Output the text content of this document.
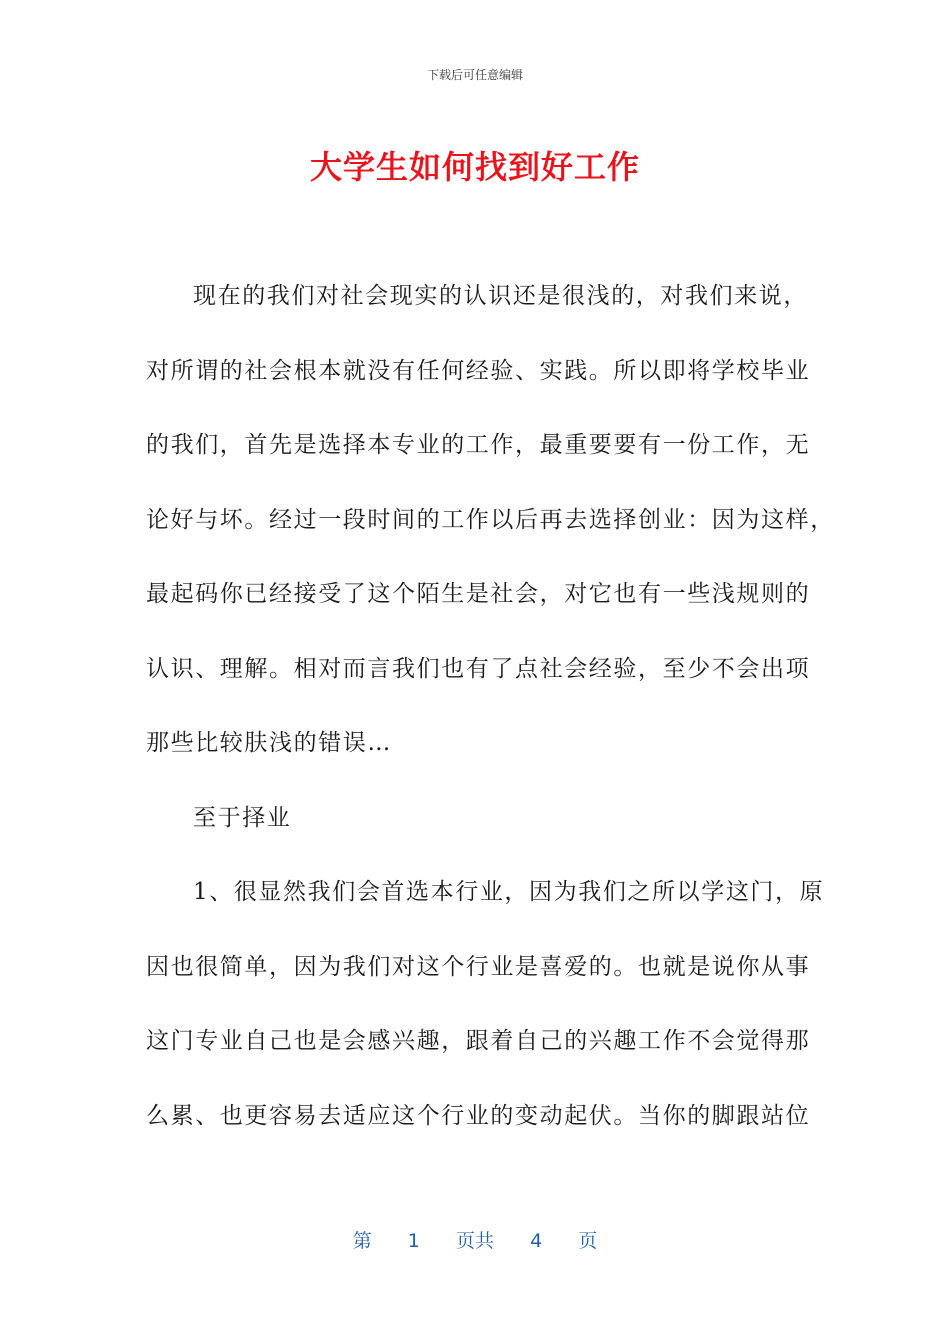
下载后可任意编辑
大学生如何找到好工作
现在的我们对社会现实的认识还是很浅的，对我们来说，
对所谓的社会根本就没有任何经验、实践。所以即将学校毕业
的我们，首先是选择本专业的工作，最重要要有一份工作，无
论好与坏。经过一段时间的工作以后再去选择创业：因为这样，
最起码你已经接受了这个陌生是社会，对它也有一些浅规则的
认识、理解。相对而言我们也有了点社会经验，至少不会出项
那些比较肤浅的错误…
至于择业
1、很显然我们会首选本行业，因为我们之所以学这门，原
因也很简单，因为我们对这个行业是喜爱的。也就是说你从事
这门专业自己也是会感兴趣，跟着自己的兴趣工作不会觉得那
么累、也更容易去适应这个行业的变动起伏。当你的脚跟站位
第 1 页共 4 页
